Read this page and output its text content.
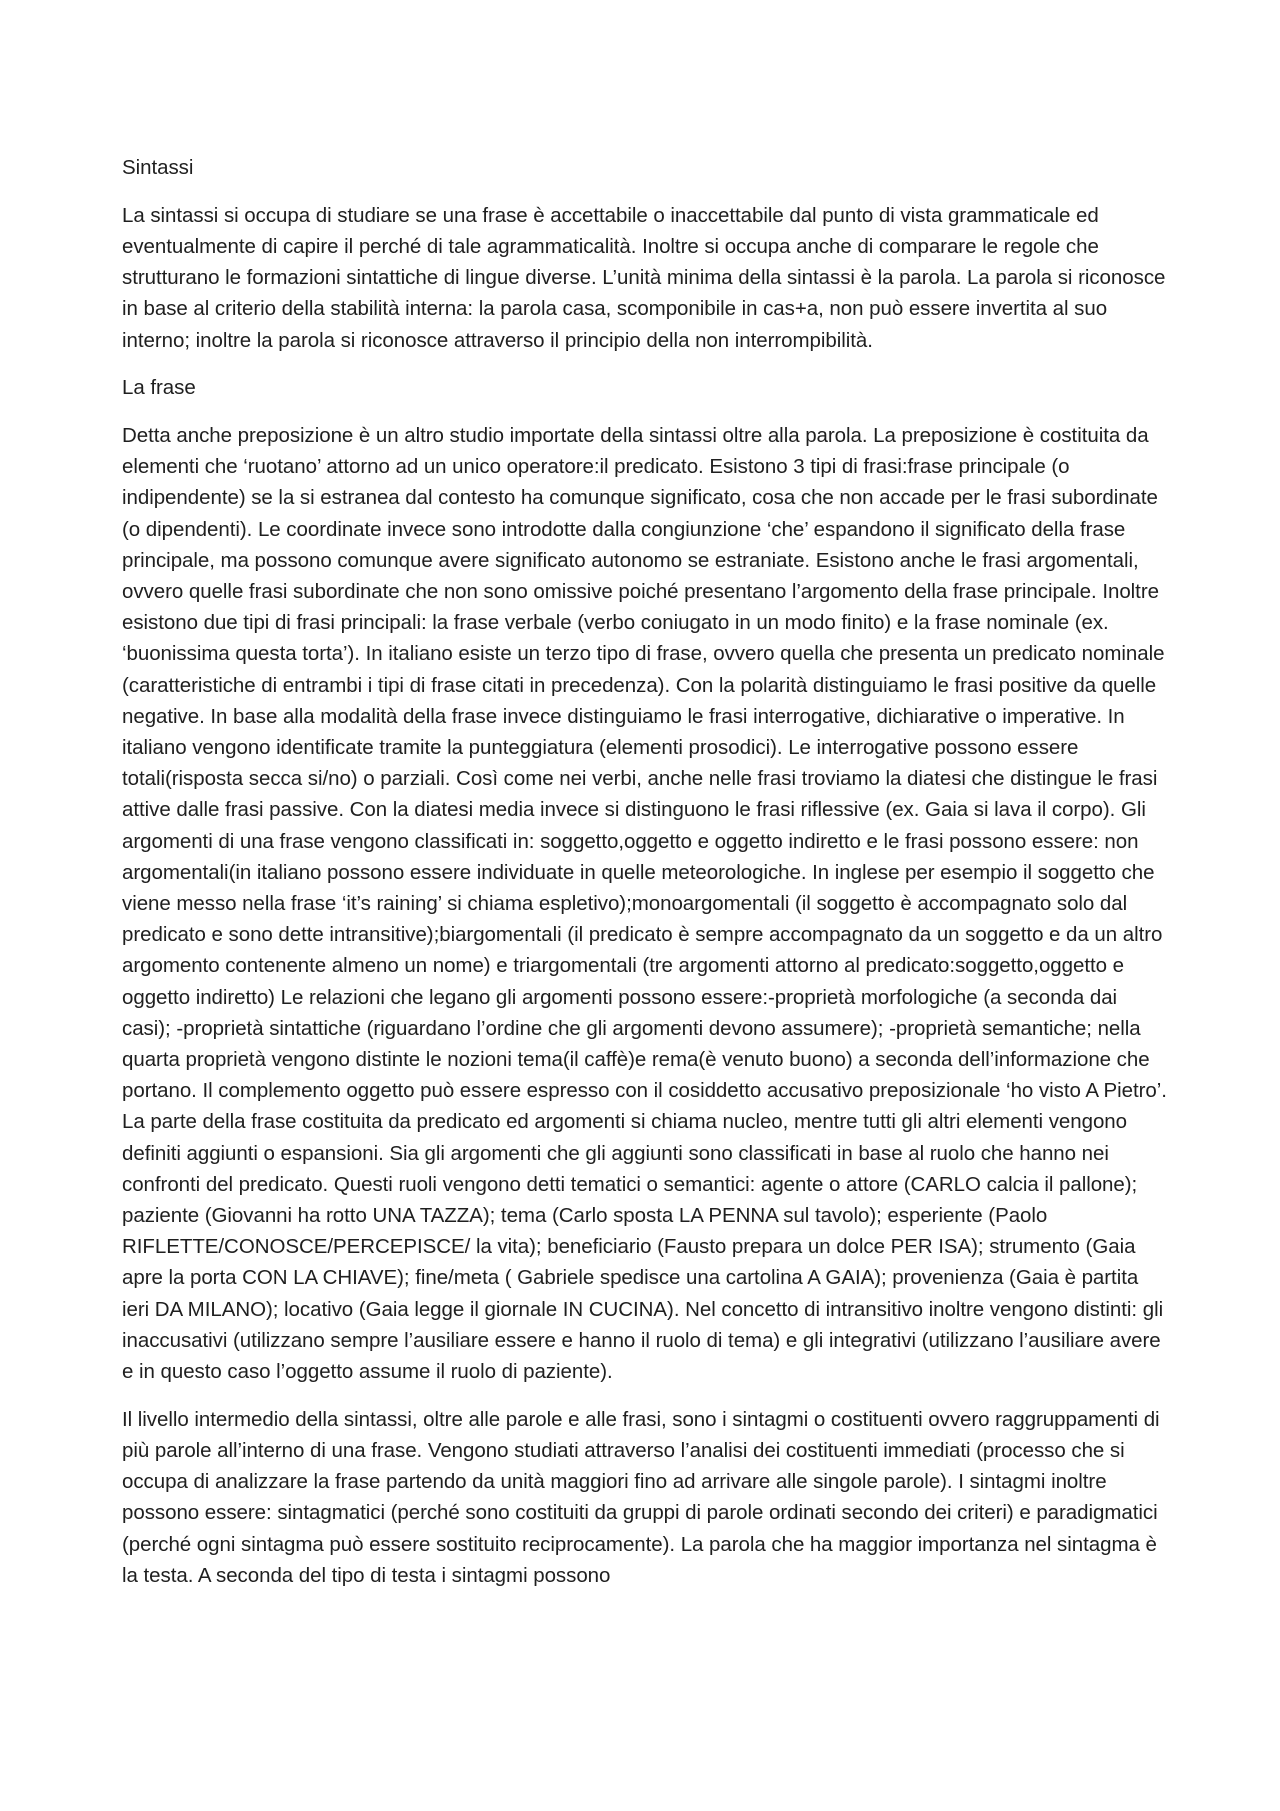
Sintassi

La sintassi si occupa di studiare se una frase è accettabile o inaccettabile dal punto di vista grammaticale ed eventualmente di capire il perché di tale agrammaticalità. Inoltre si occupa anche di comparare le regole che strutturano le formazioni sintattiche di lingue diverse. L’unità minima della sintassi è la parola. La parola si riconosce in base al criterio della stabilità interna: la parola casa, scomponibile in cas+a, non può essere invertita al suo interno; inoltre la parola si riconosce attraverso il principio della non interrompibilità.

La frase

Detta anche preposizione è un altro studio importate della sintassi oltre alla parola. La preposizione è costituita da elementi che ‘ruotano’ attorno ad un unico operatore:il predicato. Esistono 3 tipi di frasi:frase principale (o indipendente) se la si estranea dal contesto ha comunque significato, cosa che non accade per le frasi subordinate (o dipendenti). Le coordinate invece sono introdotte dalla congiunzione ‘che’ espandono il significato della frase principale, ma possono comunque avere significato autonomo se estraniate. Esistono anche le frasi argomentali, ovvero quelle frasi subordinate che non sono omissive poiché presentano l’argomento della frase principale. Inoltre esistono due tipi di frasi principali: la frase verbale (verbo coniugato in un modo finito) e la frase nominale (ex. ‘buonissima questa torta’). In italiano esiste un terzo tipo di frase, ovvero quella che presenta un predicato nominale (caratteristiche di entrambi i tipi di frase citati in precedenza). Con la polarità distinguiamo le frasi positive da quelle negative. In base alla modalità della frase invece distinguiamo le frasi interrogative, dichiarative o imperative. In italiano vengono identificate tramite la punteggiatura (elementi prosodici). Le interrogative possono essere totali(risposta secca si/no) o parziali. Così come nei verbi, anche nelle frasi troviamo la diatesi che distingue le frasi attive dalle frasi passive. Con la diatesi media invece si distinguono le frasi riflessive (ex. Gaia si lava il corpo). Gli argomenti di una frase vengono classificati in: soggetto,oggetto e oggetto indiretto e le frasi possono essere: non argomentali(in italiano possono essere individuate in quelle meteorologiche. In inglese per esempio il soggetto che viene messo nella frase ‘it’s raining’ si chiama espletivo);monoargomentali (il soggetto è accompagnato solo dal predicato e sono dette intransitive);biargomentali (il predicato è sempre accompagnato da un soggetto e da un altro argomento contenente almeno un nome) e triargomentali (tre argomenti attorno al predicato:soggetto,oggetto e oggetto indiretto) Le relazioni che legano gli argomenti possono essere:-proprietà morfologiche (a seconda dai casi); -proprietà sintattiche (riguardano l’ordine che gli argomenti devono assumere); -proprietà semantiche; nella quarta proprietà vengono distinte le nozioni tema(il caffè)e rema(è venuto buono) a seconda dell’informazione che portano. Il complemento oggetto può essere espresso con il cosiddetto accusativo preposizionale ‘ho visto A Pietro’. La parte della frase costituita da predicato ed argomenti si chiama nucleo, mentre tutti gli altri elementi vengono definiti aggiunti o espansioni. Sia gli argomenti che gli aggiunti sono classificati in base al ruolo che hanno nei confronti del predicato. Questi ruoli vengono detti tematici o semantici: agente o attore (CARLO calcia il pallone); paziente (Giovanni ha rotto UNA TAZZA); tema (Carlo sposta LA PENNA sul tavolo); esperiente (Paolo RIFLETTE/CONOSCE/PERCEPISCE/ la vita); beneficiario (Fausto prepara un dolce PER ISA); strumento (Gaia apre la porta CON LA CHIAVE); fine/meta ( Gabriele spedisce una cartolina A GAIA); provenienza (Gaia è partita ieri DA MILANO); locativo (Gaia legge il giornale IN CUCINA). Nel concetto di intransitivo inoltre vengono distinti: gli inaccusativi (utilizzano sempre l’ausiliare essere e hanno il ruolo di tema) e gli integrativi (utilizzano l’ausiliare avere e in questo caso l’oggetto assume il ruolo di paziente).

Il livello intermedio della sintassi, oltre alle parole e alle frasi, sono i sintagmi o costituenti ovvero raggruppamenti di più parole all’interno di una frase. Vengono studiati attraverso l’analisi dei costituenti immediati (processo che si occupa di analizzare la frase partendo da unità maggiori fino ad arrivare alle singole parole). I sintagmi inoltre possono essere: sintagmatici (perché sono costituiti da gruppi di parole ordinati secondo dei criteri) e paradigmatici (perché ogni sintagma può essere sostituito reciprocamente). La parola che ha maggior importanza nel sintagma è la testa. A seconda del tipo di testa i sintagmi possono
